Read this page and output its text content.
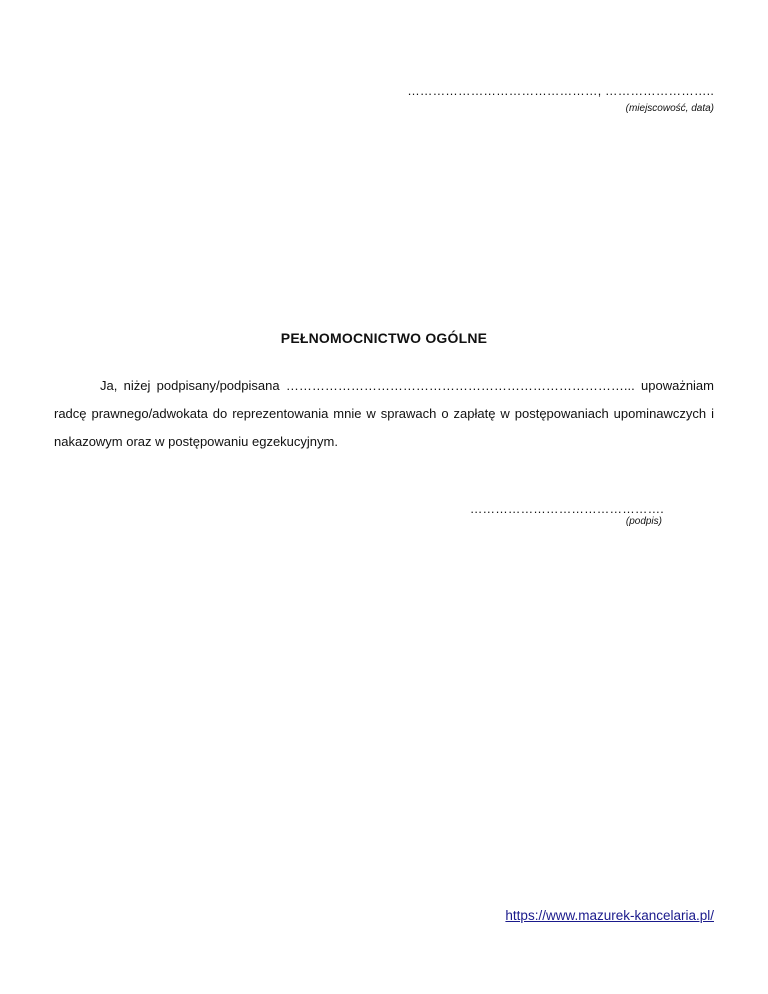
………………………………………, ……………………..
(miejscowość, data)
PEŁNOMOCNICTWO OGÓLNE
Ja, niżej podpisany/podpisana ……………………………………………………………………... upoważniam radcę prawnego/adwokata do reprezentowania mnie w sprawach o zapłatę w postępowaniach upominawczych i nakazowym oraz w postępowaniu egzekucyjnym.
……………………………………….
(podpis)
https://www.mazurek-kancelaria.pl/
